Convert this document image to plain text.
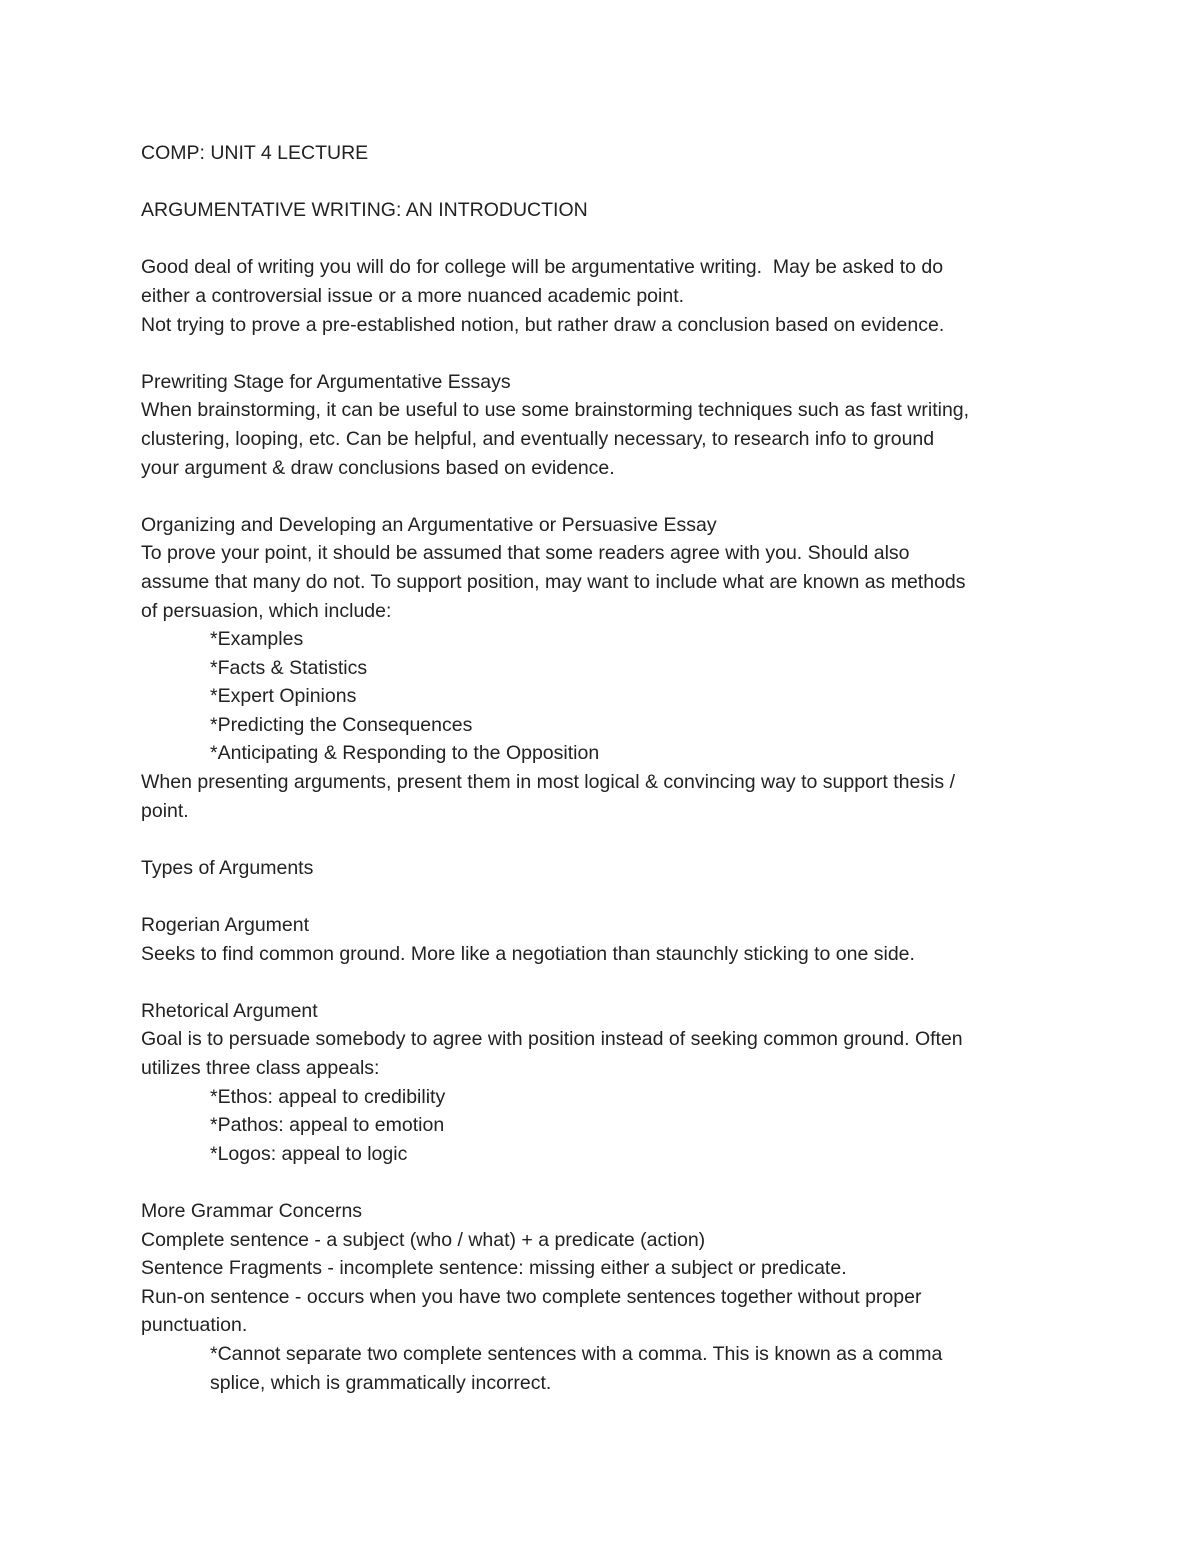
COMP: UNIT 4 LECTURE

ARGUMENTATIVE WRITING: AN INTRODUCTION

Good deal of writing you will do for college will be argumentative writing.  May be asked to do

either a controversial issue or a more nuanced academic point.

Not trying to prove a pre-established notion, but rather draw a conclusion based on evidence.

Prewriting Stage for Argumentative Essays

When brainstorming, it can be useful to use some brainstorming techniques such as fast writing,

clustering, looping, etc. Can be helpful, and eventually necessary, to research info to ground

your argument & draw conclusions based on evidence.

Organizing and Developing an Argumentative or Persuasive Essay

To prove your point, it should be assumed that some readers agree with you. Should also

assume that many do not. To support position, may want to include what are known as methods

of persuasion, which include:

*Examples

*Facts & Statistics

*Expert Opinions

*Predicting the Consequences

*Anticipating & Responding to the Opposition

When presenting arguments, present them in most logical & convincing way to support thesis /

point.

Types of Arguments

Rogerian Argument

Seeks to find common ground. More like a negotiation than staunchly sticking to one side.

Rhetorical Argument

Goal is to persuade somebody to agree with position instead of seeking common ground. Often

utilizes three class appeals:

*Ethos: appeal to credibility

*Pathos: appeal to emotion

*Logos: appeal to logic

More Grammar Concerns

Complete sentence - a subject (who / what) + a predicate (action)

Sentence Fragments - incomplete sentence: missing either a subject or predicate.

Run-on sentence - occurs when you have two complete sentences together without proper

punctuation.

*Cannot separate two complete sentences with a comma. This is known as a comma

splice, which is grammatically incorrect.
